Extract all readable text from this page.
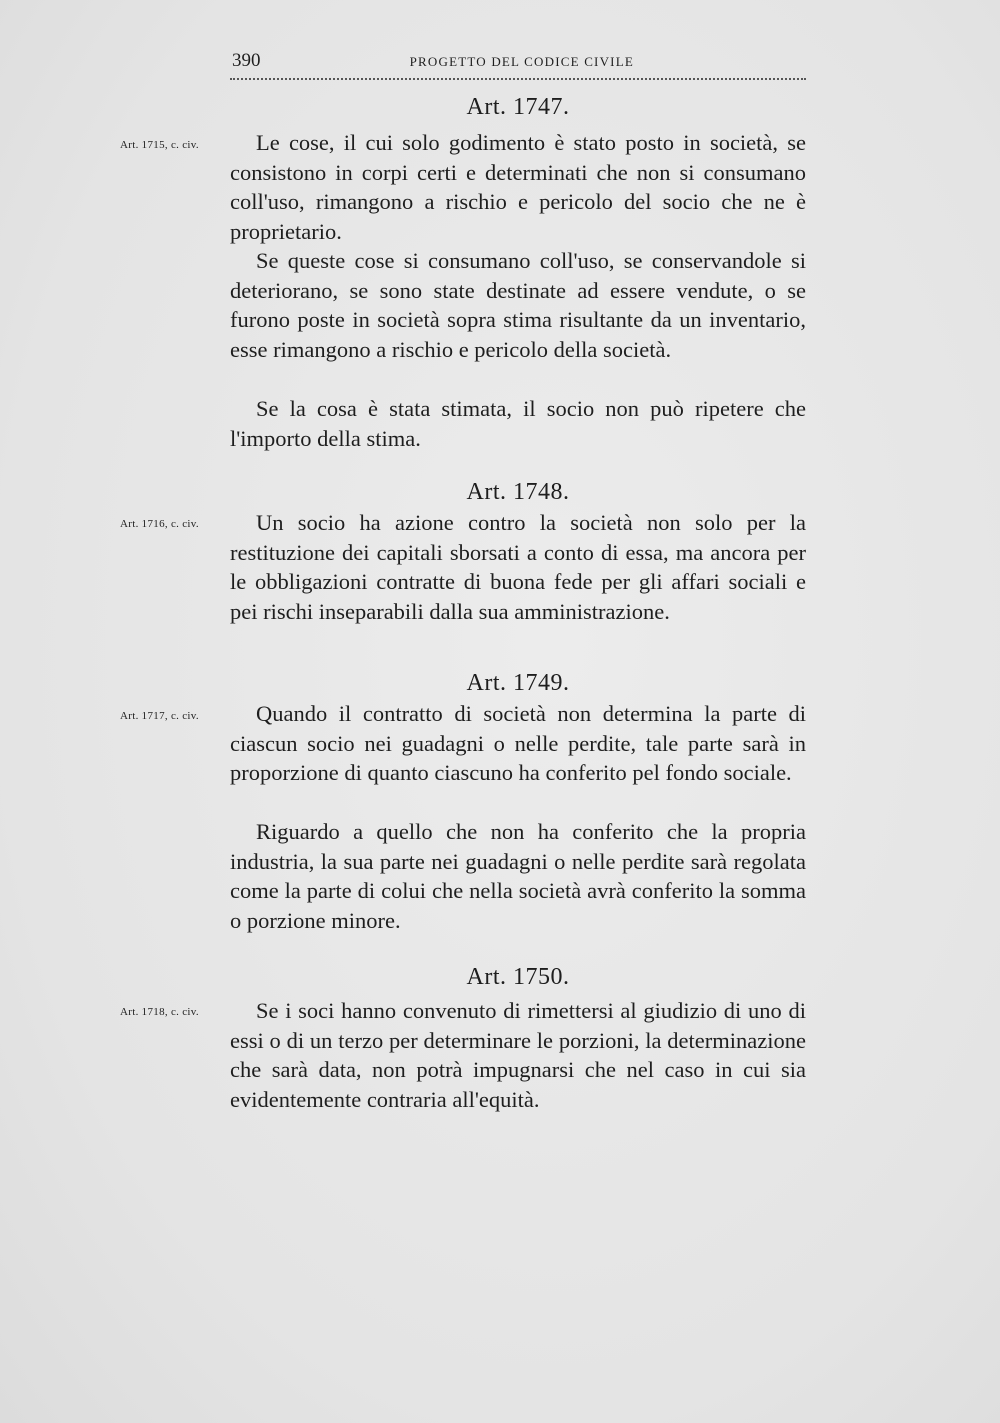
390	PROGETTO DEL CODICE CIVILE
Art. 1747.
Art. 1715, c. civ.	Le cose, il cui solo godimento è stato posto in società, se consistono in corpi certi e determinati che non si consumano coll'uso, rimangono a rischio e pericolo del socio che ne è proprietario.

Se queste cose si consumano coll'uso, se conservandole si deteriorano, se sono state destinate ad essere vendute, o se furono poste in società sopra stima risultante da un inventario, esse rimangono a rischio e pericolo della società.

Se la cosa è stata stimata, il socio non può ripetere che l'importo della stima.

Art. 1748.
Art. 1716, c. civ.	Un socio ha azione contro la società non solo per la restituzione dei capitali sborsati a conto di essa, ma ancora per le obbligazioni contratte di buona fede per gli affari sociali e pei rischi inseparabili dalla sua amministrazione.

Art. 1749.
Art. 1717, c. civ.	Quando il contratto di società non determina la parte di ciascun socio nei guadagni o nelle perdite, tale parte sarà in proporzione di quanto ciascuno ha conferito pel fondo sociale.

Riguardo a quello che non ha conferito che la propria industria, la sua parte nei guadagni o nelle perdite sarà regolata come la parte di colui che nella società avrà conferito la somma o porzione minore.

Art. 1750.
Art. 1718, c. civ.	Se i soci hanno convenuto di rimettersi al giudizio di uno di essi o di un terzo per determinare le porzioni, la determinazione che sarà data, non potrà impugnarsi che nel caso in cui sia evidentemente contraria all'equità.
